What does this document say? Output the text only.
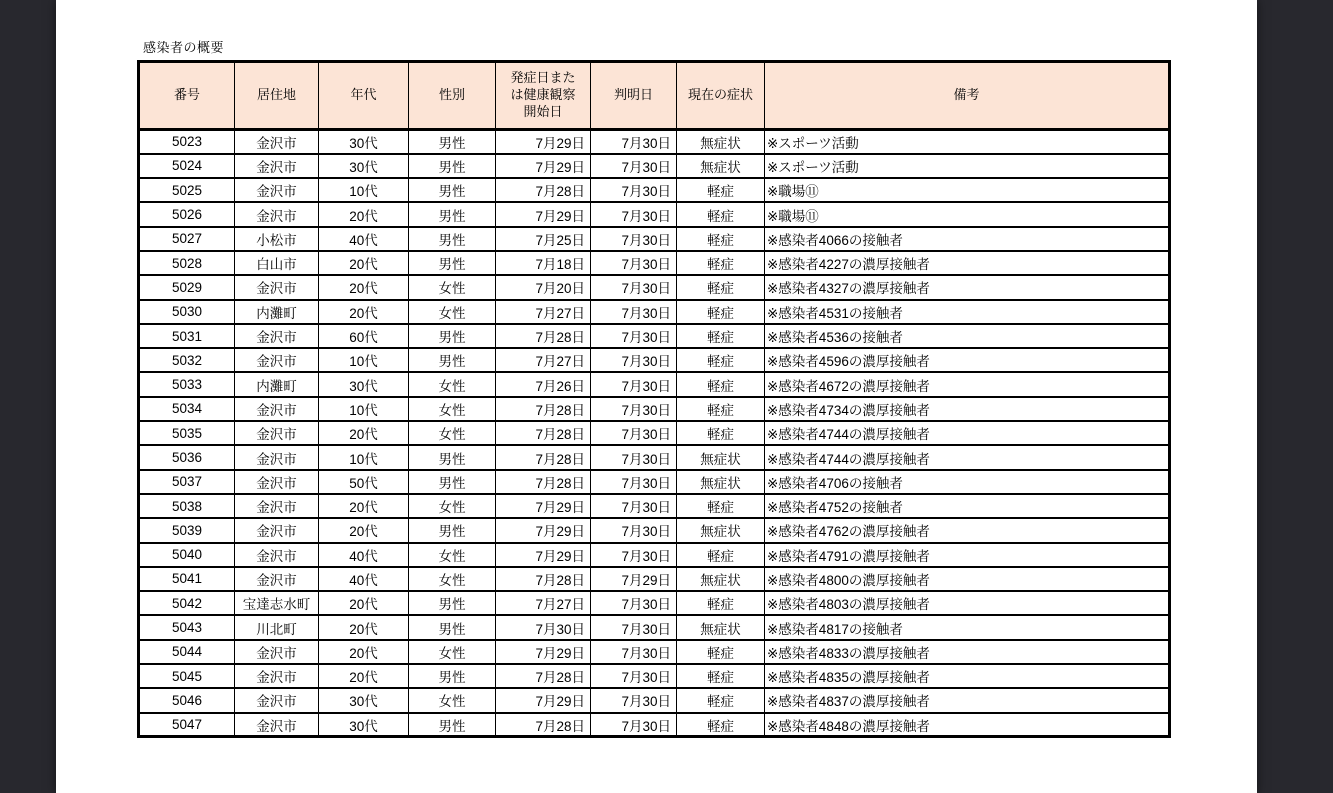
感染者の概要
番号	居住地	年代	性別	発症日または健康観察開始日	判明日	現在の症状	備考
5023	金沢市	30代	男性	7月29日	7月30日	無症状	※スポーツ活動
5024	金沢市	30代	男性	7月29日	7月30日	無症状	※スポーツ活動
5025	金沢市	10代	男性	7月28日	7月30日	軽症	※職場⑪
5026	金沢市	20代	男性	7月29日	7月30日	軽症	※職場⑪
5027	小松市	40代	男性	7月25日	7月30日	軽症	※感染者4066の接触者
5028	白山市	20代	男性	7月18日	7月30日	軽症	※感染者4227の濃厚接触者
5029	金沢市	20代	女性	7月20日	7月30日	軽症	※感染者4327の濃厚接触者
5030	内灘町	20代	女性	7月27日	7月30日	軽症	※感染者4531の接触者
5031	金沢市	60代	男性	7月28日	7月30日	軽症	※感染者4536の接触者
5032	金沢市	10代	男性	7月27日	7月30日	軽症	※感染者4596の濃厚接触者
5033	内灘町	30代	女性	7月26日	7月30日	軽症	※感染者4672の濃厚接触者
5034	金沢市	10代	女性	7月28日	7月30日	軽症	※感染者4734の濃厚接触者
5035	金沢市	20代	女性	7月28日	7月30日	軽症	※感染者4744の濃厚接触者
5036	金沢市	10代	男性	7月28日	7月30日	無症状	※感染者4744の濃厚接触者
5037	金沢市	50代	男性	7月28日	7月30日	無症状	※感染者4706の接触者
5038	金沢市	20代	女性	7月29日	7月30日	軽症	※感染者4752の接触者
5039	金沢市	20代	男性	7月29日	7月30日	無症状	※感染者4762の濃厚接触者
5040	金沢市	40代	女性	7月29日	7月30日	軽症	※感染者4791の濃厚接触者
5041	金沢市	40代	女性	7月28日	7月29日	無症状	※感染者4800の濃厚接触者
5042	宝達志水町	20代	男性	7月27日	7月30日	軽症	※感染者4803の濃厚接触者
5043	川北町	20代	男性	7月30日	7月30日	無症状	※感染者4817の接触者
5044	金沢市	20代	女性	7月29日	7月30日	軽症	※感染者4833の濃厚接触者
5045	金沢市	20代	男性	7月28日	7月30日	軽症	※感染者4835の濃厚接触者
5046	金沢市	30代	女性	7月29日	7月30日	軽症	※感染者4837の濃厚接触者
5047	金沢市	30代	男性	7月28日	7月30日	軽症	※感染者4848の濃厚接触者
